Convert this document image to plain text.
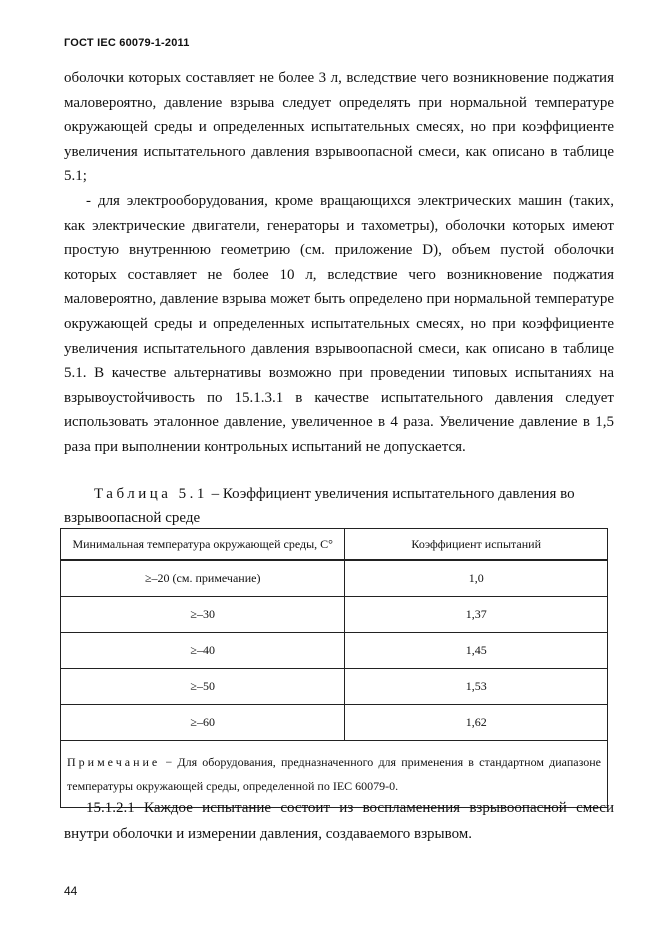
ГОСТ IEC 60079-1-2011

оболочки которых составляет не более 3 л, вследствие чего возникновение поджатия маловероятно, давление взрыва следует определять при нормальной температуре окружающей среды и определенных испытательных смесях, но при коэффициенте увеличения испытательного давления взрывоопасной смеси, как описано в таблице 5.1;

- для электрооборудования, кроме вращающихся электрических машин (таких, как электрические двигатели, генераторы и тахометры), оболочки которых имеют простую внутреннюю геометрию (см. приложение D), объем пустой оболочки которых составляет не более 10 л, вследствие чего возникновение поджатия маловероятно, давление взрыва может быть определено при нормальной температуре окружающей среды и определенных испытательных смесях, но при коэффициенте увеличения испытательного давления взрывоопасной смеси, как описано в таблице 5.1. В качестве альтернативы возможно при проведении типовых испытаниях на взрывоустойчивость по 15.1.3.1 в качестве испытательного давления следует использовать эталонное давление, увеличенное в 4 раза. Увеличение давление в 1,5 раза при выполнении контрольных испытаний не допускается.

Таблица 5.1 – Коэффициент увеличения испытательного давления во взрывоопасной среде
Минимальная температура окружающей среды, C°	Коэффициент испытаний
≥–20 (см. примечание)	1,0
≥–30	1,37
≥–40	1,45
≥–50	1,53
≥–60	1,62
Примечание − Для оборудования, предназначенного для применения в стандартном диапазоне температуры окружающей среды, определенной по IEC 60079-0.	

15.1.2.1 Каждое испытание состоит из воспламенения взрывоопасной смеси внутри оболочки и измерении давления, создаваемого взрывом.

44
